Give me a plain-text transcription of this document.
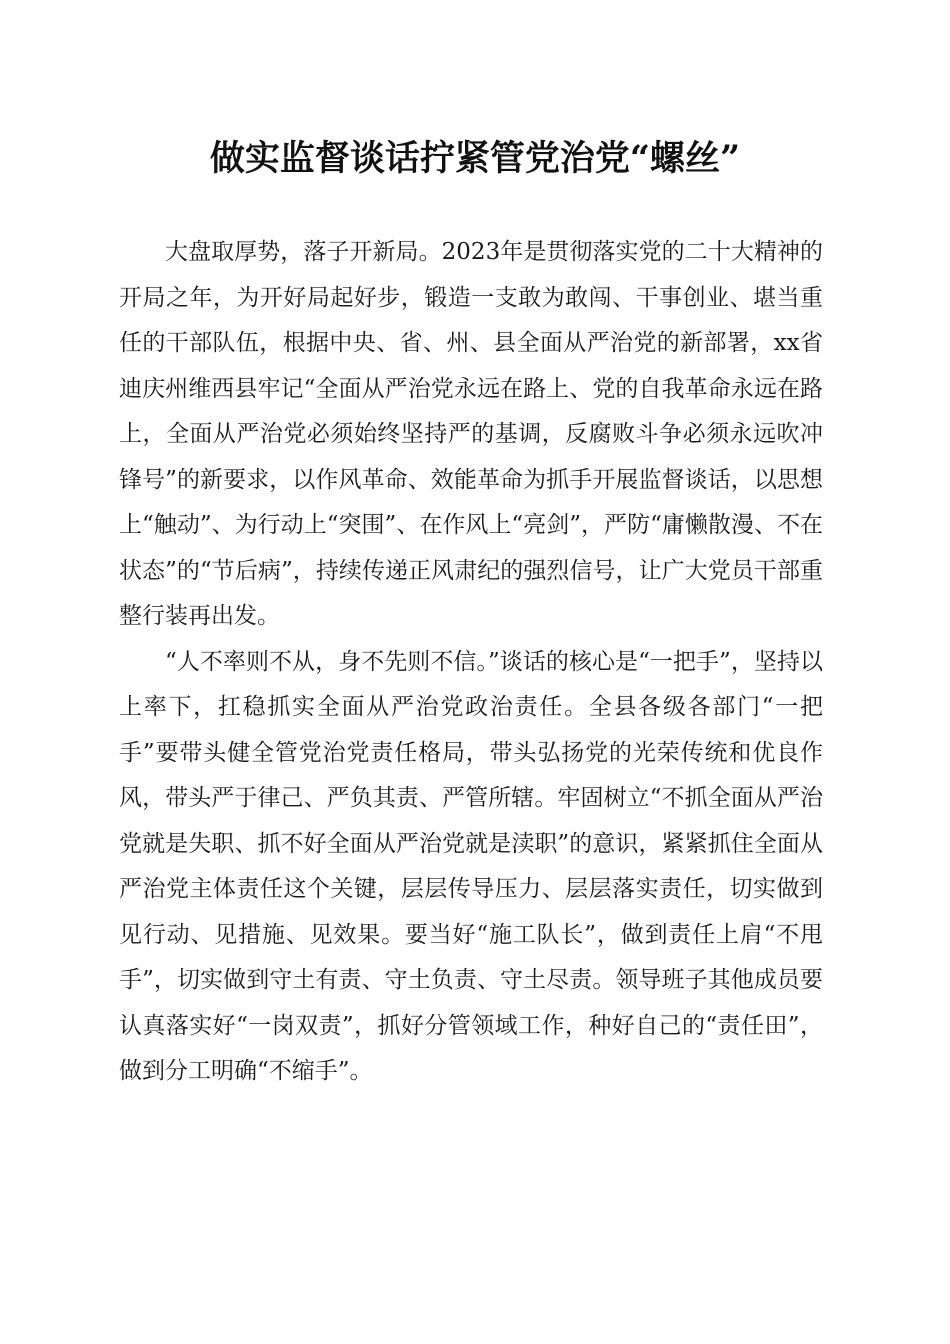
做实监督谈话拧紧管党治党“螺丝”

大盘取厚势，落子开新局。2023年是贯彻落实党的二十大精神的开局之年，为开好局起好步，锻造一支敢为敢闯、干事创业、堪当重任的干部队伍，根据中央、省、州、县全面从严治党的新部署，xx省迪庆州维西县牢记“全面从严治党永远在路上、党的自我革命永远在路上，全面从严治党必须始终坚持严的基调，反腐败斗争必须永远吹冲锋号”的新要求，以作风革命、效能革命为抓手开展监督谈话，以思想上“触动”、为行动上“突围”、在作风上“亮剑”，严防“庸懒散漫、不在状态”的“节后病”，持续传递正风肃纪的强烈信号，让广大党员干部重整行装再出发。

“人不率则不从，身不先则不信。”谈话的核心是“一把手”，坚持以上率下，扛稳抓实全面从严治党政治责任。全县各级各部门“一把手”要带头健全管党治党责任格局，带头弘扬党的光荣传统和优良作风，带头严于律己、严负其责、严管所辖。牢固树立“不抓全面从严治党就是失职、抓不好全面从严治党就是渎职”的意识，紧紧抓住全面从严治党主体责任这个关键，层层传导压力、层层落实责任，切实做到见行动、见措施、见效果。要当好“施工队长”，做到责任上肩“不甩手”，切实做到守土有责、守土负责、守土尽责。领导班子其他成员要认真落实好“一岗双责”，抓好分管领域工作，种好自己的“责任田”，做到分工明确“不缩手”。
